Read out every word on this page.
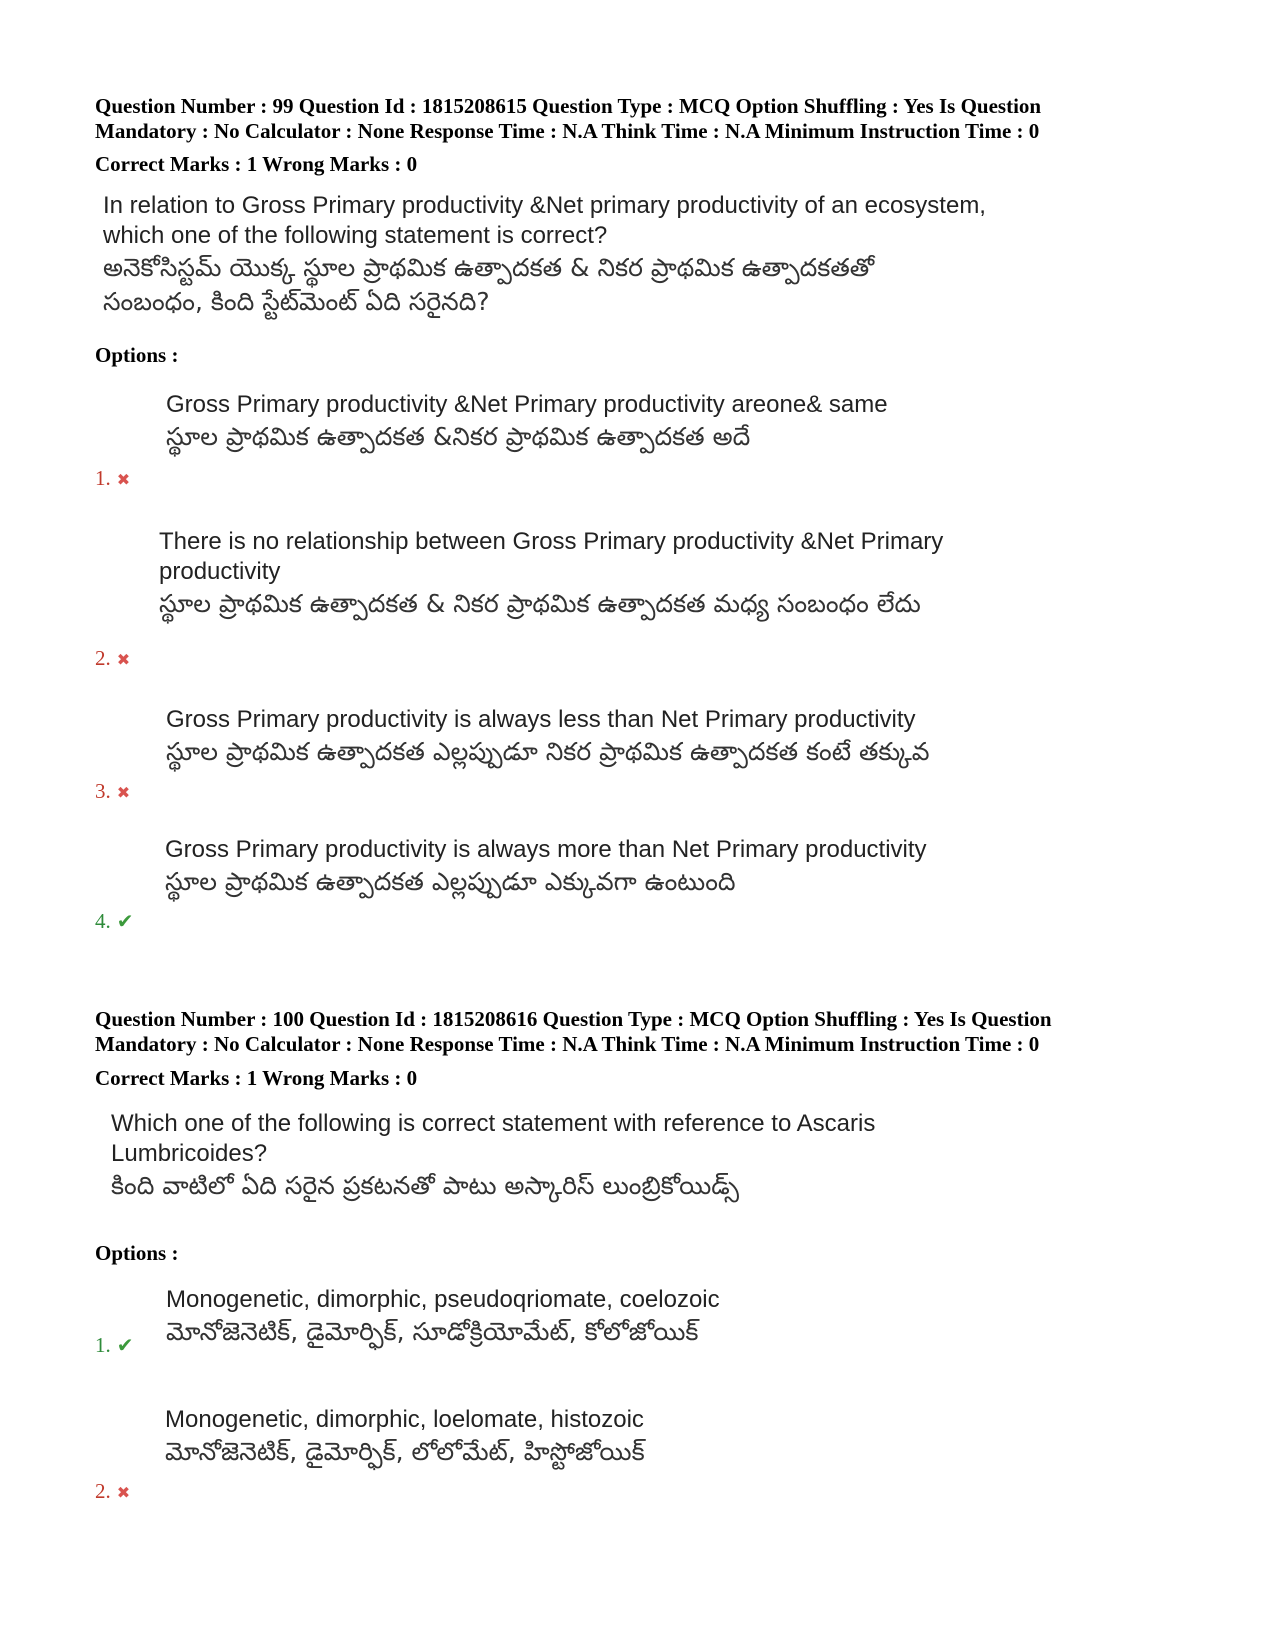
Question Number : 99 Question Id : 1815208615 Question Type : MCQ Option Shuffling : Yes Is Question
Mandatory : No Calculator : None Response Time : N.A Think Time : N.A Minimum Instruction Time : 0
Correct Marks : 1 Wrong Marks : 0
In relation to Gross Primary productivity &Net primary productivity of an ecosystem,
which one of the following statement is correct?
అనెకోసిస్టమ్ యొక్క స్థూల ప్రాథమిక ఉత్పాదకత & నికర ప్రాథమిక ఉత్పాదకతతో
సంబంధం, కింది స్టేట్‌మెంట్ ఏది సరైనది?
Options :
Gross Primary productivity &Net Primary productivity areone& same
స్థూల ప్రాథమిక ఉత్పాదకత &నికర ప్రాథమిక ఉత్పాదకత అదే
1. ✖
There is no relationship between Gross Primary productivity &Net Primary
productivity
స్థూల ప్రాథమిక ఉత్పాదకత & నికర ప్రాథమిక ఉత్పాదకత మధ్య సంబంధం లేదు
2. ✖
Gross Primary productivity is always less than Net Primary productivity
స్థూల ప్రాథమిక ఉత్పాదకత ఎల్లప్పుడూ నికర ప్రాథమిక ఉత్పాదకత కంటే తక్కువ
3. ✖
Gross Primary productivity is always more than Net Primary productivity
స్థూల ప్రాథమిక ఉత్పాదకత ఎల్లప్పుడూ ఎక్కువగా ఉంటుంది
4. ✔
Question Number : 100 Question Id : 1815208616 Question Type : MCQ Option Shuffling : Yes Is Question
Mandatory : No Calculator : None Response Time : N.A Think Time : N.A Minimum Instruction Time : 0
Correct Marks : 1 Wrong Marks : 0
Which one of the following is correct statement with reference to Ascaris
Lumbricoides?
కింది వాటిలో ఏది సరైన ప్రకటనతో పాటు అస్కారిస్ లుంబ్రికోయిడ్స్
Options :
Monogenetic, dimorphic, pseudoqriomate, coelozoic
మోనోజెనెటిక్, డైమోర్ఫిక్, సూడోక్రియోమేట్, కోలోజోయిక్
1. ✔
Monogenetic, dimorphic, loelomate, histozoic
మోనోజెనెటిక్, డైమోర్ఫిక్, లోలోమేట్, హిస్టోజోయిక్
2. ✖
